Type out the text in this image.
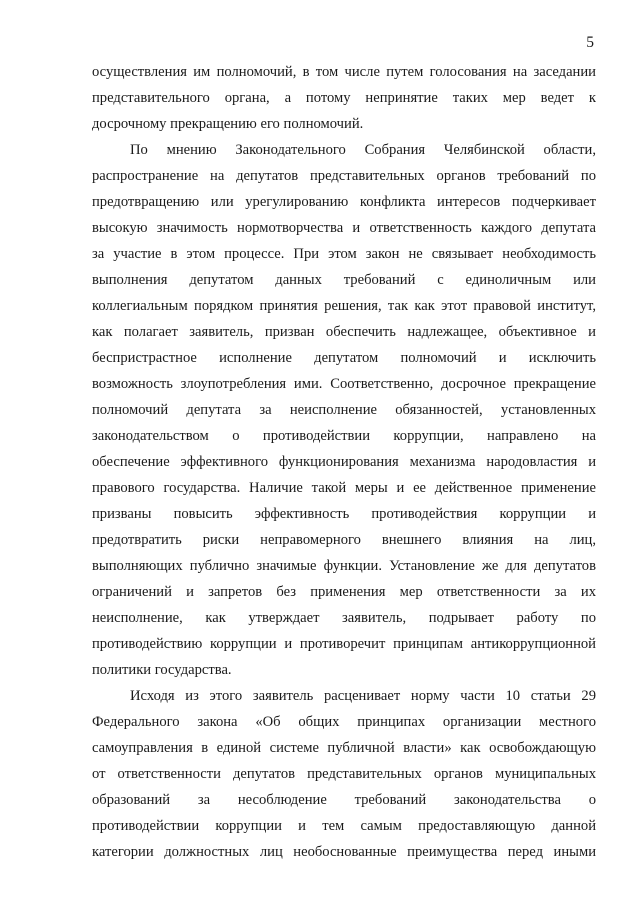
5
осуществления им полномочий, в том числе путем голосования на заседании
представительного органа, а потому непринятие таких мер ведет к
досрочному прекращению его полномочий.
По мнению Законодательного Собрания Челябинской области,
распространение на депутатов представительных органов требований по
предотвращению или урегулированию конфликта интересов подчеркивает
высокую значимость нормотворчества и ответственность каждого депутата
за участие в этом процессе. При этом закон не связывает необходимость
выполнения депутатом данных требований с единоличным или
коллегиальным порядком принятия решения, так как этот правовой институт,
как полагает заявитель, призван обеспечить надлежащее, объективное и
беспристрастное исполнение депутатом полномочий и исключить
возможность злоупотребления ими. Соответственно, досрочное прекращение
полномочий депутата за неисполнение обязанностей, установленных
законодательством о противодействии коррупции, направлено на
обеспечение эффективного функционирования механизма народовластия и
правового государства. Наличие такой меры и ее действенное применение
призваны повысить эффективность противодействия коррупции и
предотвратить риски неправомерного внешнего влияния на лиц,
выполняющих публично значимые функции. Установление же для депутатов
ограничений и запретов без применения мер ответственности за их
неисполнение, как утверждает заявитель, подрывает работу по
противодействию коррупции и противоречит принципам антикоррупционной
политики государства.
Исходя из этого заявитель расценивает норму части 10 статьи 29
Федерального закона «Об общих принципах организации местного
самоуправления в единой системе публичной власти» как освобождающую
от ответственности депутатов представительных органов муниципальных
образований за несоблюдение требований законодательства о
противодействии коррупции и тем самым предоставляющую данной
категории должностных лиц необоснованные преимущества перед иными
